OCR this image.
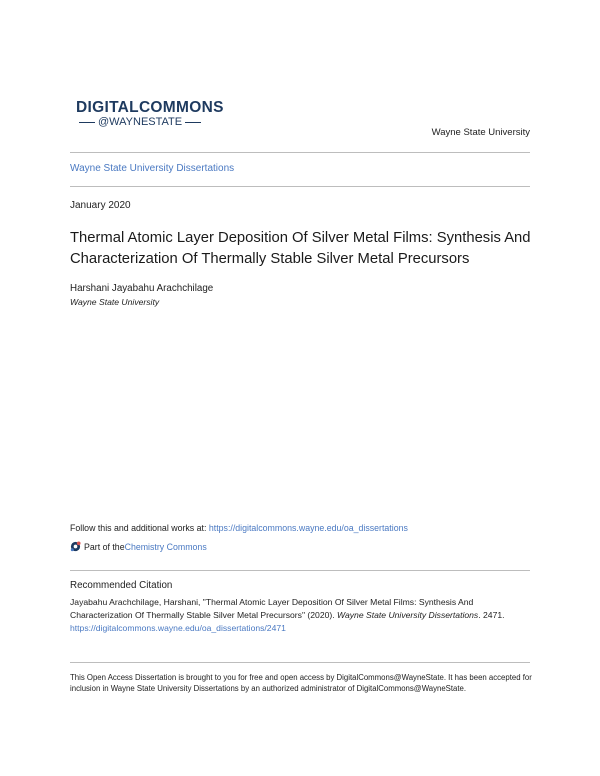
DIGITALCOMMONS
@WAYNESTATE
Wayne State University
Wayne State University Dissertations
January 2020
Thermal Atomic Layer Deposition Of Silver Metal Films: Synthesis And Characterization Of Thermally Stable Silver Metal Precursors
Harshani Jayabahu Arachchilage
Wayne State University
Follow this and additional works at: https://digitalcommons.wayne.edu/oa_dissertations
Part of the Chemistry Commons
Recommended Citation
Jayabahu Arachchilage, Harshani, "Thermal Atomic Layer Deposition Of Silver Metal Films: Synthesis And Characterization Of Thermally Stable Silver Metal Precursors" (2020). Wayne State University Dissertations. 2471.
https://digitalcommons.wayne.edu/oa_dissertations/2471
This Open Access Dissertation is brought to you for free and open access by DigitalCommons@WayneState. It has been accepted for inclusion in Wayne State University Dissertations by an authorized administrator of DigitalCommons@WayneState.
